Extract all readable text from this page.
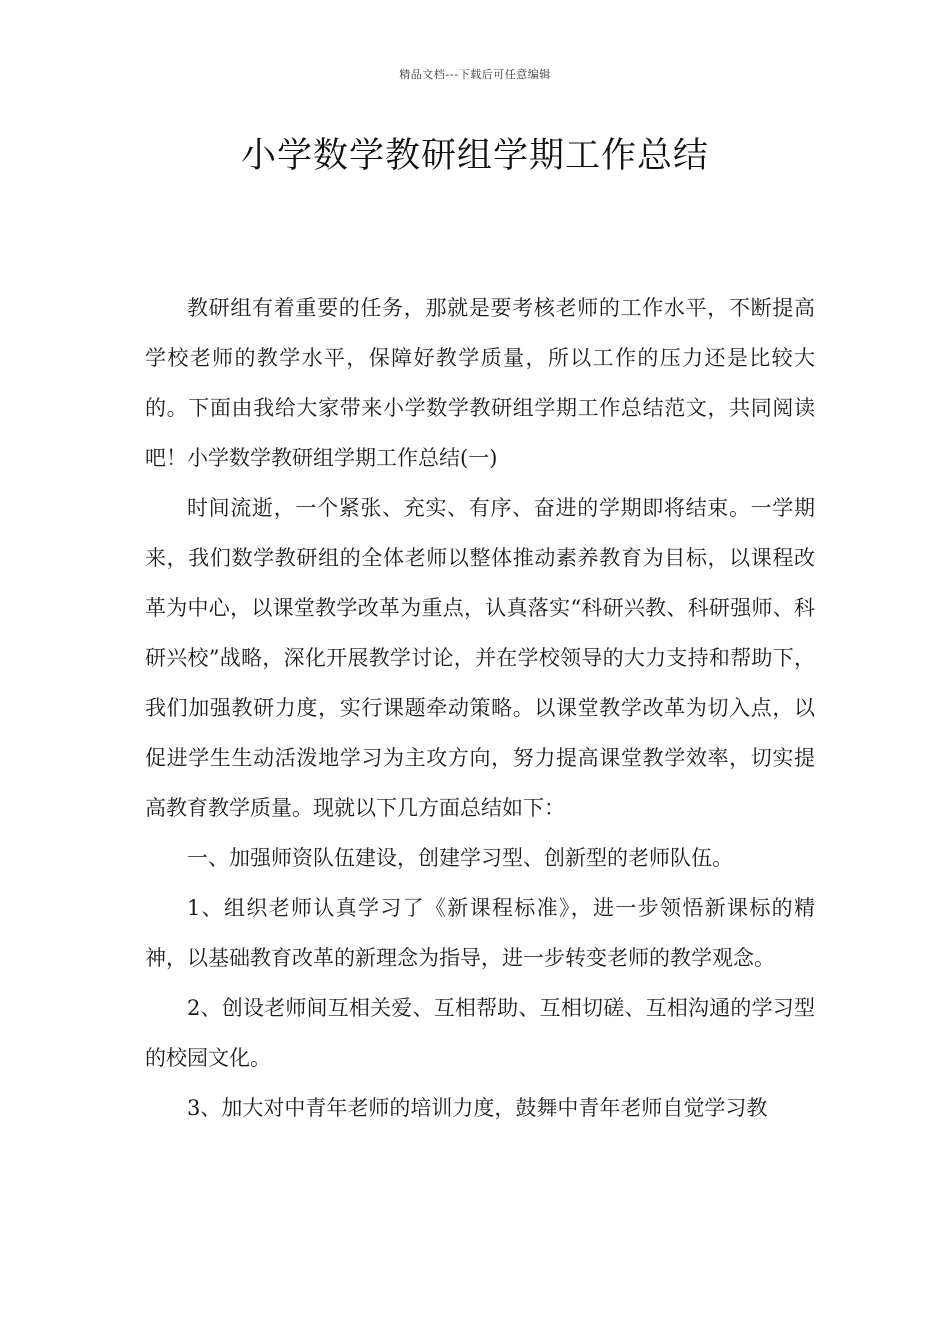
精品文档---下载后可任意编辑
小学数学教研组学期工作总结

教研组有着重要的任务，那就是要考核老师的工作水平，不断提高学校老师的教学水平，保障好教学质量，所以工作的压力还是比较大的。下面由我给大家带来小学数学教研组学期工作总结范文，共同阅读吧！小学数学教研组学期工作总结(一)

时间流逝，一个紧张、充实、有序、奋进的学期即将结束。一学期来，我们数学教研组的全体老师以整体推动素养教育为目标，以课程改革为中心，以课堂教学改革为重点，认真落实“科研兴教、科研强师、科研兴校”战略，深化开展教学讨论，并在学校领导的大力支持和帮助下，我们加强教研力度，实行课题牵动策略。以课堂教学改革为切入点，以促进学生生动活泼地学习为主攻方向，努力提高课堂教学效率，切实提高教育教学质量。现就以下几方面总结如下：

一、加强师资队伍建设，创建学习型、创新型的老师队伍。

1、组织老师认真学习了《新课程标准》，进一步领悟新课标的精神，以基础教育改革的新理念为指导，进一步转变老师的教学观念。

2、创设老师间互相关爱、互相帮助、互相切磋、互相沟通的学习型的校园文化。

3、加大对中青年老师的培训力度，鼓舞中青年老师自觉学习教
